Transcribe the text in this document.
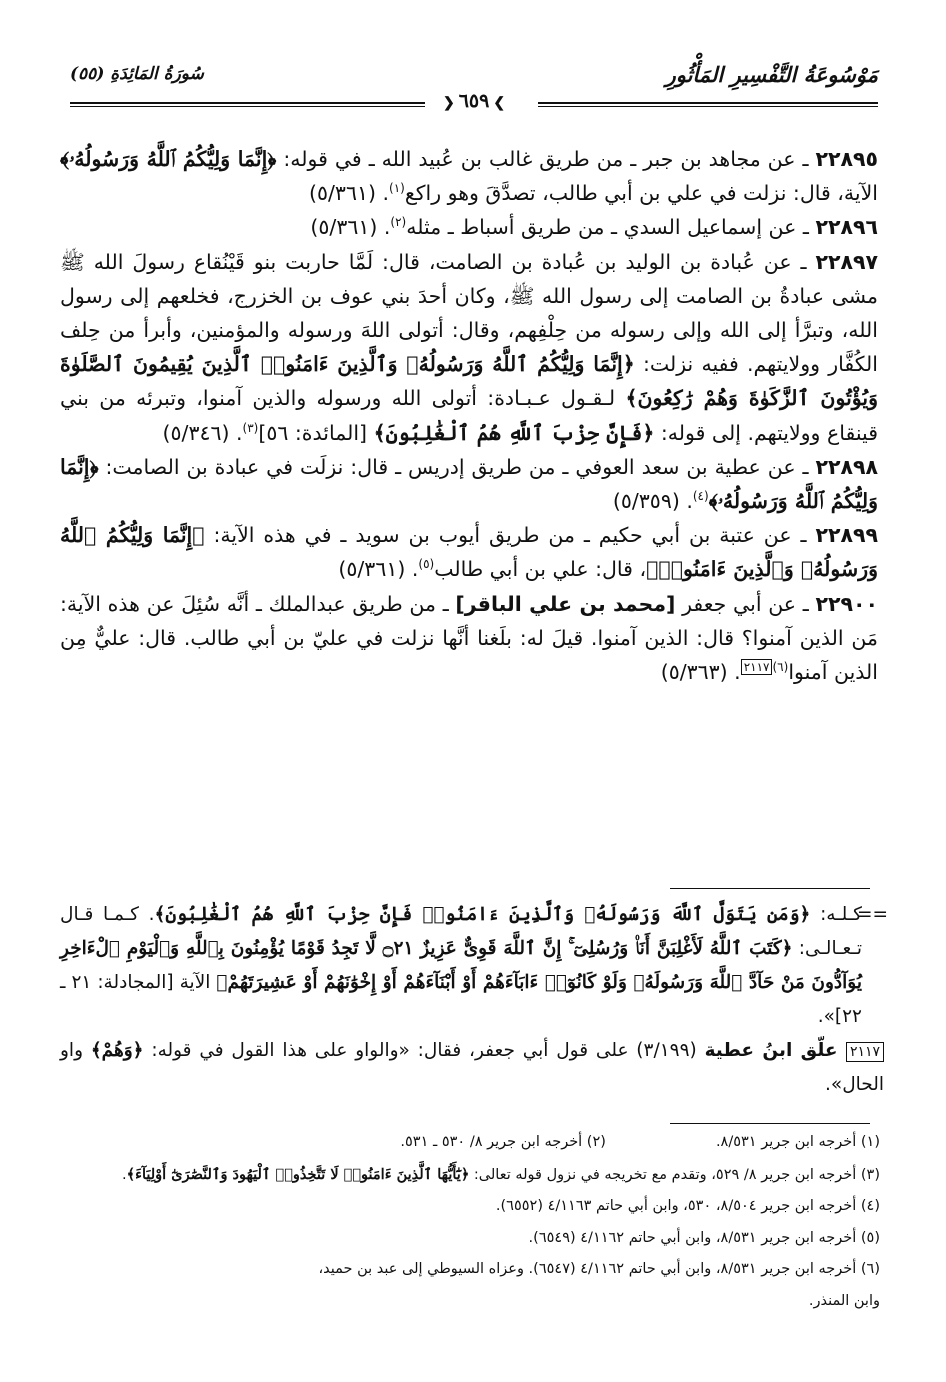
مَوْسُوعَةُ التَّفْسِيرِ المَأْثُورِ
سُورَةُ المَائِدَةِ (٥٥)
❯٦٥٩❮

٢٢٨٩٥ ـ عن مجاهد بن جبر ـ من طريق غالب بن عُبيد الله ـ في قوله: ﴿إِنَّمَا وَلِيُّكُمُ ٱللَّهُ وَرَسُولُهُۥ﴾ الآية، قال: نزلت في علي بن أبي طالب، تصدَّقَ وهو راكع$^{(١)}$. (٥/٣٦١)

٢٢٨٩٦ ـ عن إسماعيل السدي ـ من طريق أسباط ـ مثله$^{(٢)}$. (٥/٣٦١)

٢٢٨٩٧ ـ عن عُبادة بن الوليد بن عُبادة بن الصامت، قال: لَمَّا حاربت بنو قَيْنُقاع رسولَ الله ﷺ مشى عبادةُ بن الصامت إلى رسول الله ﷺ، وكان أحدَ بني عوف بن الخزرج، فخلعهم إلى رسول الله، وتبرَّأ إلى الله وإلى رسوله من حِلْفِهم، وقال: أتولى اللهَ ورسوله والمؤمنين، وأبرأ من حِلف الكُفَّار وولايتهم. ففيه نزلت: ﴿إِنَّمَا وَلِيُّكُمُ ٱللَّهُ وَرَسُولُهُۥ وَٱلَّذِينَ ءَامَنُوا۟ ٱلَّذِينَ يُقِيمُونَ ٱلصَّلَوٰةَ وَيُؤْتُونَ ٱلزَّكَوٰةَ وَهُمْ رَٰكِعُونَ﴾ لـقـول عـبـادة: أتولى الله ورسوله والذين آمنوا، وتبرئه من بني قينقاع وولايتهم. إلى قوله: ﴿فَإِنَّ حِزْبَ ٱللَّهِ هُمُ ٱلْغَٰلِبُونَ﴾ [المائدة: ٥٦]$^{(٣)}$. (٥/٣٤٦)

٢٢٨٩٨ ـ عن عطية بن سعد العوفي ـ من طريق إدريس ـ قال: نزلَت في عبادة بن الصامت: ﴿إِنَّمَا وَلِيُّكُمُ ٱللَّهُ وَرَسُولُهُۥ﴾$^{(٤)}$. (٥/٣٥٩)

٢٢٨٩٩ ـ عن عتبة بن أبي حكيم ـ من طريق أيوب بن سويد ـ في هذه الآية: ﴿إِنَّمَا وَلِيُّكُمُ ٱللَّهُ وَرَسُولُهُۥ وَٱلَّذِينَ ءَامَنُوا۟﴾، قال: علي بن أبي طالب$^{(٥)}$. (٥/٣٦١)

٢٢٩٠٠ ـ عن أبي جعفر [محمد بن علي الباقر] ـ من طريق عبدالملك ـ أنَّه سُئِلَ عن هذه الآية: مَن الذين آمنوا؟ قال: الذين آمنوا. قيلَ له: بلَغنا أنَّها نزلت في عليّ بن أبي طالب. قال: عليٌّ مِن الذين آمنوا$^{(٦)}$٢١١٧. (٥/٣٦٣)

==

كـلـه: ﴿وَمَن يَتَوَلَّ ٱللَّهَ وَرَسُولَهُۥ وَٱلَّذِينَ ءَامَنُوا۟ فَإِنَّ حِزْبَ ٱللَّهِ هُمُ ٱلْغَٰلِبُونَ﴾. كـمـا قـال تـعـالـى: ﴿كَتَبَ ٱللَّهُ لَأَغْلِبَنَّ أَنَا۠ وَرُسُلِىٓ ۚ إِنَّ ٱللَّهَ قَوِىٌّ عَزِيزٌ ۝٢١ لَّا تَجِدُ قَوْمًا يُؤْمِنُونَ بِٱللَّهِ وَٱلْيَوْمِ ٱلْءَاخِرِ يُوَآدُّونَ مَنْ حَآدَّ ٱللَّهَ وَرَسُولَهُۥ وَلَوْ كَانُوٓا۟ ءَابَآءَهُمْ أَوْ أَبْنَآءَهُمْ أَوْ إِخْوَٰنَهُمْ أَوْ عَشِيرَتَهُمْ﴾ الآية [المجادلة: ٢١ ـ ٢٢]».

٢١١٧ علّق ابنُ عطية (٣/١٩٩) على قول أبي جعفر، فقال: «والواو على هذا القول في قوله: ﴿وَهُمْ﴾ واو الحال».

(١) أخرجه ابن جرير ٨/٥٣١.
(٢) أخرجه ابن جرير ٨/ ٥٣٠ ـ ٥٣١.
(٣) أخرجه ابن جرير ٨/ ٥٢٩، وتقدم مع تخريجه في نزول قوله تعالى: ﴿يَٰٓأَيُّهَا ٱلَّذِينَ ءَامَنُوا۟ لَا تَتَّخِذُوا۟ ٱلْيَهُودَ وَٱلنَّصَٰرَىٰٓ أَوْلِيَآءَ﴾.
(٤) أخرجه ابن جرير ٨/٥٠٤، ٥٣٠، وابن أبي حاتم ٤/١١٦٣ (٦٥٥٢).
(٥) أخرجه ابن جرير ٨/٥٣١، وابن أبي حاتم ٤/١١٦٢ (٦٥٤٩).
(٦) أخرجه ابن جرير ٨/٥٣١، وابن أبي حاتم ٤/١١٦٢ (٦٥٤٧). وعزاه السيوطي إلى عبد بن حميد،
وابن المنذر.
